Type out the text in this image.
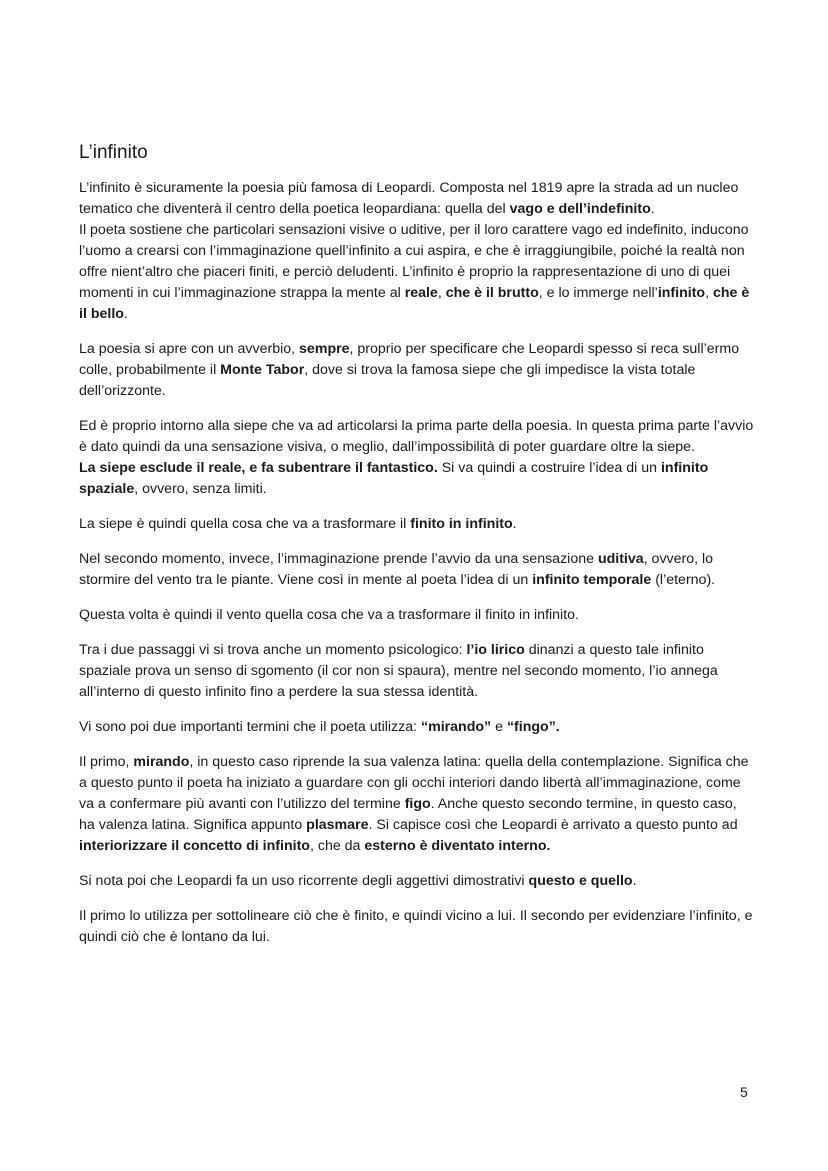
L’infinito

L’infinito è sicuramente la poesia più famosa di Leopardi. Composta nel 1819 apre la strada ad un nucleo tematico che diventerà il centro della poetica leopardiana: quella del vago e dell’indefinito.
Il poeta sostiene che particolari sensazioni visive o uditive, per il loro carattere vago ed indefinito, inducono l’uomo a crearsi con l’immaginazione quell’infinito a cui aspira, e che è irraggiungibile, poiché la realtà non offre nient’altro che piaceri finiti, e perciò deludenti. L’infinito è proprio la rappresentazione di uno di quei momenti in cui l’immaginazione strappa la mente al reale, che è il brutto, e lo immerge nell’infinito, che è il bello.

La poesia si apre con un avverbio, sempre, proprio per specificare che Leopardi spesso si reca sull’ermo colle, probabilmente il Monte Tabor, dove si trova la famosa siepe che gli impedisce la vista totale dell’orizzonte.

Ed è proprio intorno alla siepe che va ad articolarsi la prima parte della poesia. In questa prima parte l’avvio è dato quindi da una sensazione visiva, o meglio, dall’impossibilità di poter guardare oltre la siepe.
La siepe esclude il reale, e fa subentrare il fantastico. Si va quindi a costruire l’idea di un infinito spaziale, ovvero, senza limiti.

La siepe è quindi quella cosa che va a trasformare il finito in infinito.

Nel secondo momento, invece, l’immaginazione prende l’avvio da una sensazione uditiva, ovvero, lo stormire del vento tra le piante. Viene così in mente al poeta l’idea di un infinito temporale (l’eterno).

Questa volta è quindi il vento quella cosa che va a trasformare il finito in infinito.

Tra i due passaggi vi si trova anche un momento psicologico: l’io lirico dinanzi a questo tale infinito spaziale prova un senso di sgomento (il cor non si spaura), mentre nel secondo momento, l’io annega all’interno di questo infinito fino a perdere la sua stessa identità.

Vi sono poi due importanti termini che il poeta utilizza: “mirando” e “fingo”.

Il primo, mirando, in questo caso riprende la sua valenza latina: quella della contemplazione. Significa che a questo punto il poeta ha iniziato a guardare con gli occhi interiori dando libertà all’immaginazione, come va a confermare più avanti con l’utilizzo del termine figo. Anche questo secondo termine, in questo caso, ha valenza latina. Significa appunto plasmare. Si capisce così che Leopardi è arrivato a questo punto ad interiorizzare il concetto di infinito, che da esterno è diventato interno.

Si nota poi che Leopardi fa un uso ricorrente degli aggettivi dimostrativi questo e quello.

Il primo lo utilizza per sottolineare ciò che è finito, e quindi vicino a lui. Il secondo per evidenziare l’infinito, e quindi ciò che è lontano da lui.

5
